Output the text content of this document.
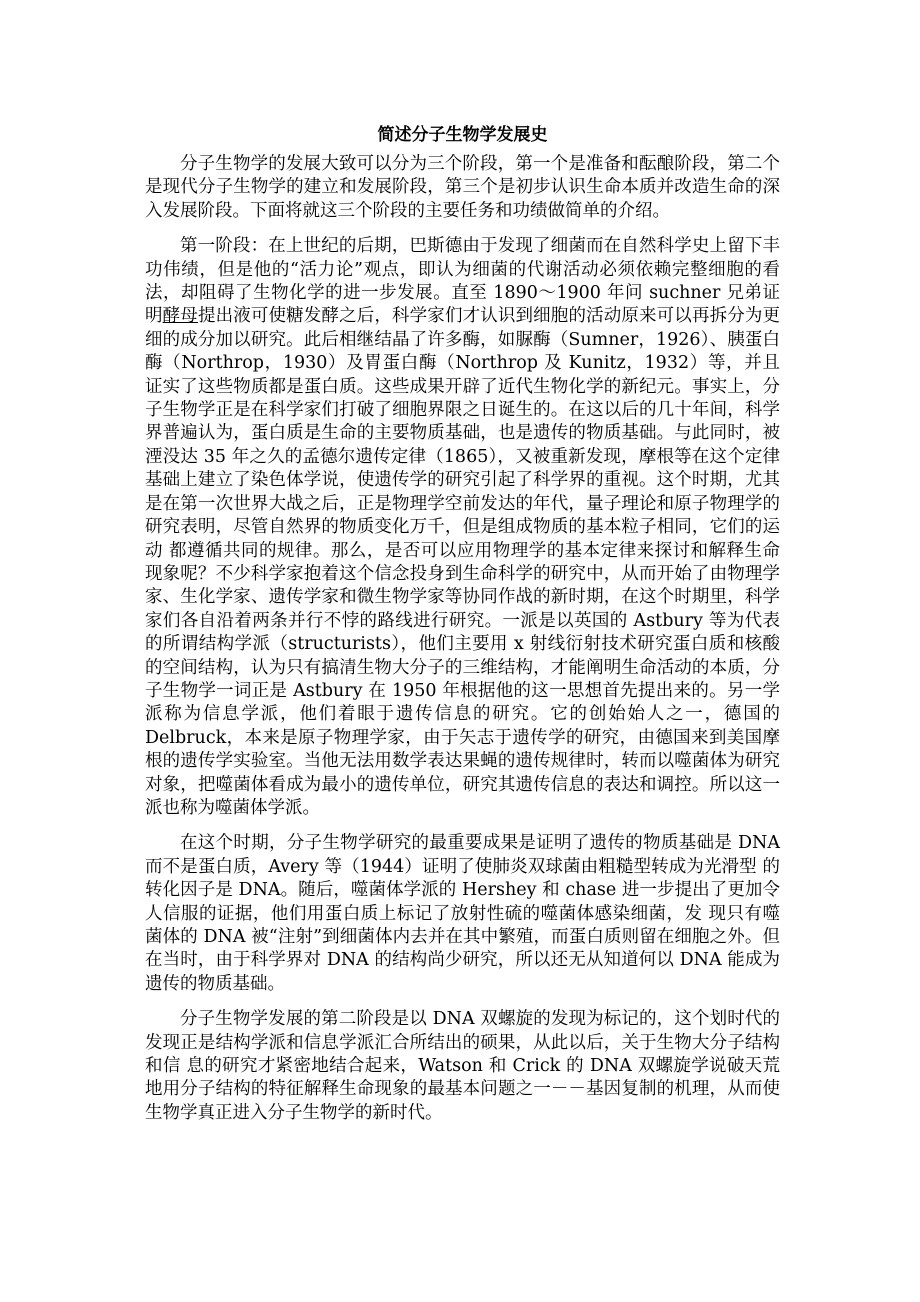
简述分子生物学发展史

分子生物学的发展大致可以分为三个阶段，第一个是准备和酝酿阶段，第二个是现代分子生物学的建立和发展阶段，第三个是初步认识生命本质并改造生命的深入发展阶段。下面将就这三个阶段的主要任务和功绩做简单的介绍。

第一阶段：在上世纪的后期，巴斯德由于发现了细菌而在自然科学史上留下丰功伟绩，但是他的“活力论”观点，即认为细菌的代谢活动必须依赖完整细胞的看法，却阻碍了生物化学的进一步发展。直至 1890～1900 年问 suchner 兄弟证明酵母提出液可使糖发酵之后，科学家们才认识到细胞的活动原来可以再拆分为更细的成分加以研究。此后相继结晶了许多酶，如脲酶（Sumner，1926）、胰蛋白酶（Northrop，1930）及胃蛋白酶（Northrop 及 Kunitz，1932）等，并且证实了这些物质都是蛋白质。这些成果开辟了近代生物化学的新纪元。事实上，分子生物学正是在科学家们打破了细胞界限之日诞生的。在这以后的几十年间，科学界普遍认为，蛋白质是生命的主要物质基础，也是遗传的物质基础。与此同时，被湮没达 35 年之久的孟德尔遗传定律（1865），又被重新发现，摩根等在这个定律基础上建立了染色体学说，使遗传学的研究引起了科学界的重视。这个时期，尤其是在第一次世界大战之后，正是物理学空前发达的年代，量子理论和原子物理学的研究表明，尽管自然界的物质变化万千，但是组成物质的基本粒子相同，它们的运动 都遵循共同的规律。那么，是否可以应用物理学的基本定律来探讨和解释生命现象呢？不少科学家抱着这个信念投身到生命科学的研究中，从而开始了由物理学家、生化学家、遗传学家和微生物学家等协同作战的新时期，在这个时期里，科学家们各自沿着两条并行不悖的路线进行研究。一派是以英国的 Astbury 等为代表 的所谓结构学派（structurists），他们主要用 x 射线衍射技术研究蛋白质和核酸的空间结构，认为只有搞清生物大分子的三维结构，才能阐明生命活动的本质，分子生物学一词正是 Astbury 在 1950 年根据他的这一思想首先提出来的。另一学派称为信息学派，他们着眼于遗传信息的研究。它的创始始人之一，德国的 Delbruck，本来是原子物理学家，由于矢志于遗传学的研究，由德国来到美国摩根的遗传学实验室。当他无法用数学表达果蝇的遗传规律时，转而以噬菌体为研究对象，把噬菌体看成为最小的遗传单位，研究其遗传信息的表达和调控。所以这一派也称为噬菌体学派。

在这个时期，分子生物学研究的最重要成果是证明了遗传的物质基础是 DNA 而不是蛋白质，Avery 等（1944）证明了使肺炎双球菌由粗糙型转成为光滑型 的转化因子是 DNA。随后，噬菌体学派的 Hershey 和 chase 进一步提出了更加令人信服的证据，他们用蛋白质上标记了放射性硫的噬菌体感染细菌，发 现只有噬菌体的 DNA 被“注射”到细菌体内去并在其中繁殖，而蛋白质则留在细胞之外。但在当时，由于科学界对 DNA 的结构尚少研究，所以还无从知道何以 DNA 能成为遗传的物质基础。

分子生物学发展的第二阶段是以 DNA 双螺旋的发现为标记的，这个划时代的发现正是结构学派和信息学派汇合所结出的硕果，从此以后，关于生物大分子结构和信 息的研究才紧密地结合起来，Watson 和 Crick 的 DNA 双螺旋学说破天荒地用分子结构的特征解释生命现象的最基本问题之一－－基因复制的机理，从而使生物学真正进入分子生物学的新时代。
